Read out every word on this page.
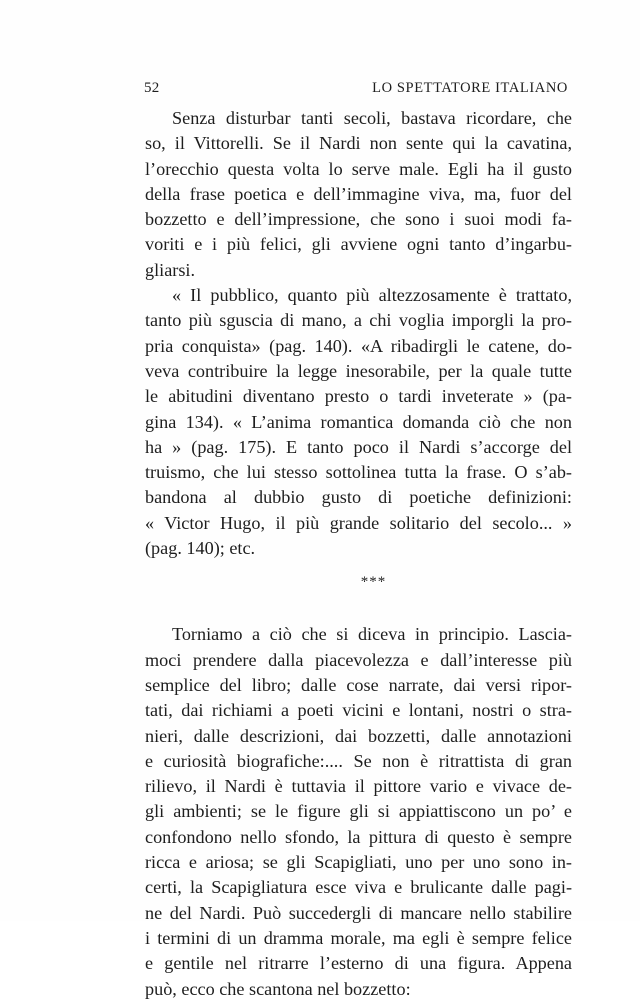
52	LO SPETTATORE ITALIANO
Senza disturbar tanti secoli, bastava ricordare, che
so, il Vittorelli. Se il Nardi non sente qui la cavatina,
l’orecchio questa volta lo serve male. Egli ha il gusto
della frase poetica e dell’immagine viva, ma, fuor del
bozzetto e dell’impressione, che sono i suoi modi fa-
voriti e i più felici, gli avviene ogni tanto d’ingarbu-
gliarsi.
« Il pubblico, quanto più altezzosamente è trattato,
tanto più sguscia di mano, a chi voglia imporgli la pro-
pria conquista» (pag. 140). «A ribadirgli le catene, do-
veva contribuire la legge inesorabile, per la quale tutte
le abitudini diventano presto o tardi inveterate » (pa-
gina 134). « L’anima romantica domanda ciò che non
ha » (pag. 175). E tanto poco il Nardi s’accorge del
truismo, che lui stesso sottolinea tutta la frase. O s’ab-
bandona al dubbio gusto di poetiche definizioni:
« Victor Hugo, il più grande solitario del secolo... »
(pag. 140); etc.
***
Torniamo a ciò che si diceva in principio. Lascia-
moci prendere dalla piacevolezza e dall’interesse più
semplice del libro; dalle cose narrate, dai versi ripor-
tati, dai richiami a poeti vicini e lontani, nostri o stra-
nieri, dalle descrizioni, dai bozzetti, dalle annotazioni
e curiosità biografiche:.... Se non è ritrattista di gran
rilievo, il Nardi è tuttavia il pittore vario e vivace de-
gli ambienti; se le figure gli si appiattiscono un po’ e
confondono nello sfondo, la pittura di questo è sempre
ricca e ariosa; se gli Scapigliati, uno per uno sono in-
certi, la Scapigliatura esce viva e brulicante dalle pagi-
ne del Nardi. Può succedergli di mancare nello stabilire
i termini di un dramma morale, ma egli è sempre felice
e gentile nel ritrarre l’esterno di una figura. Appena
può, ecco che scantona nel bozzetto:
